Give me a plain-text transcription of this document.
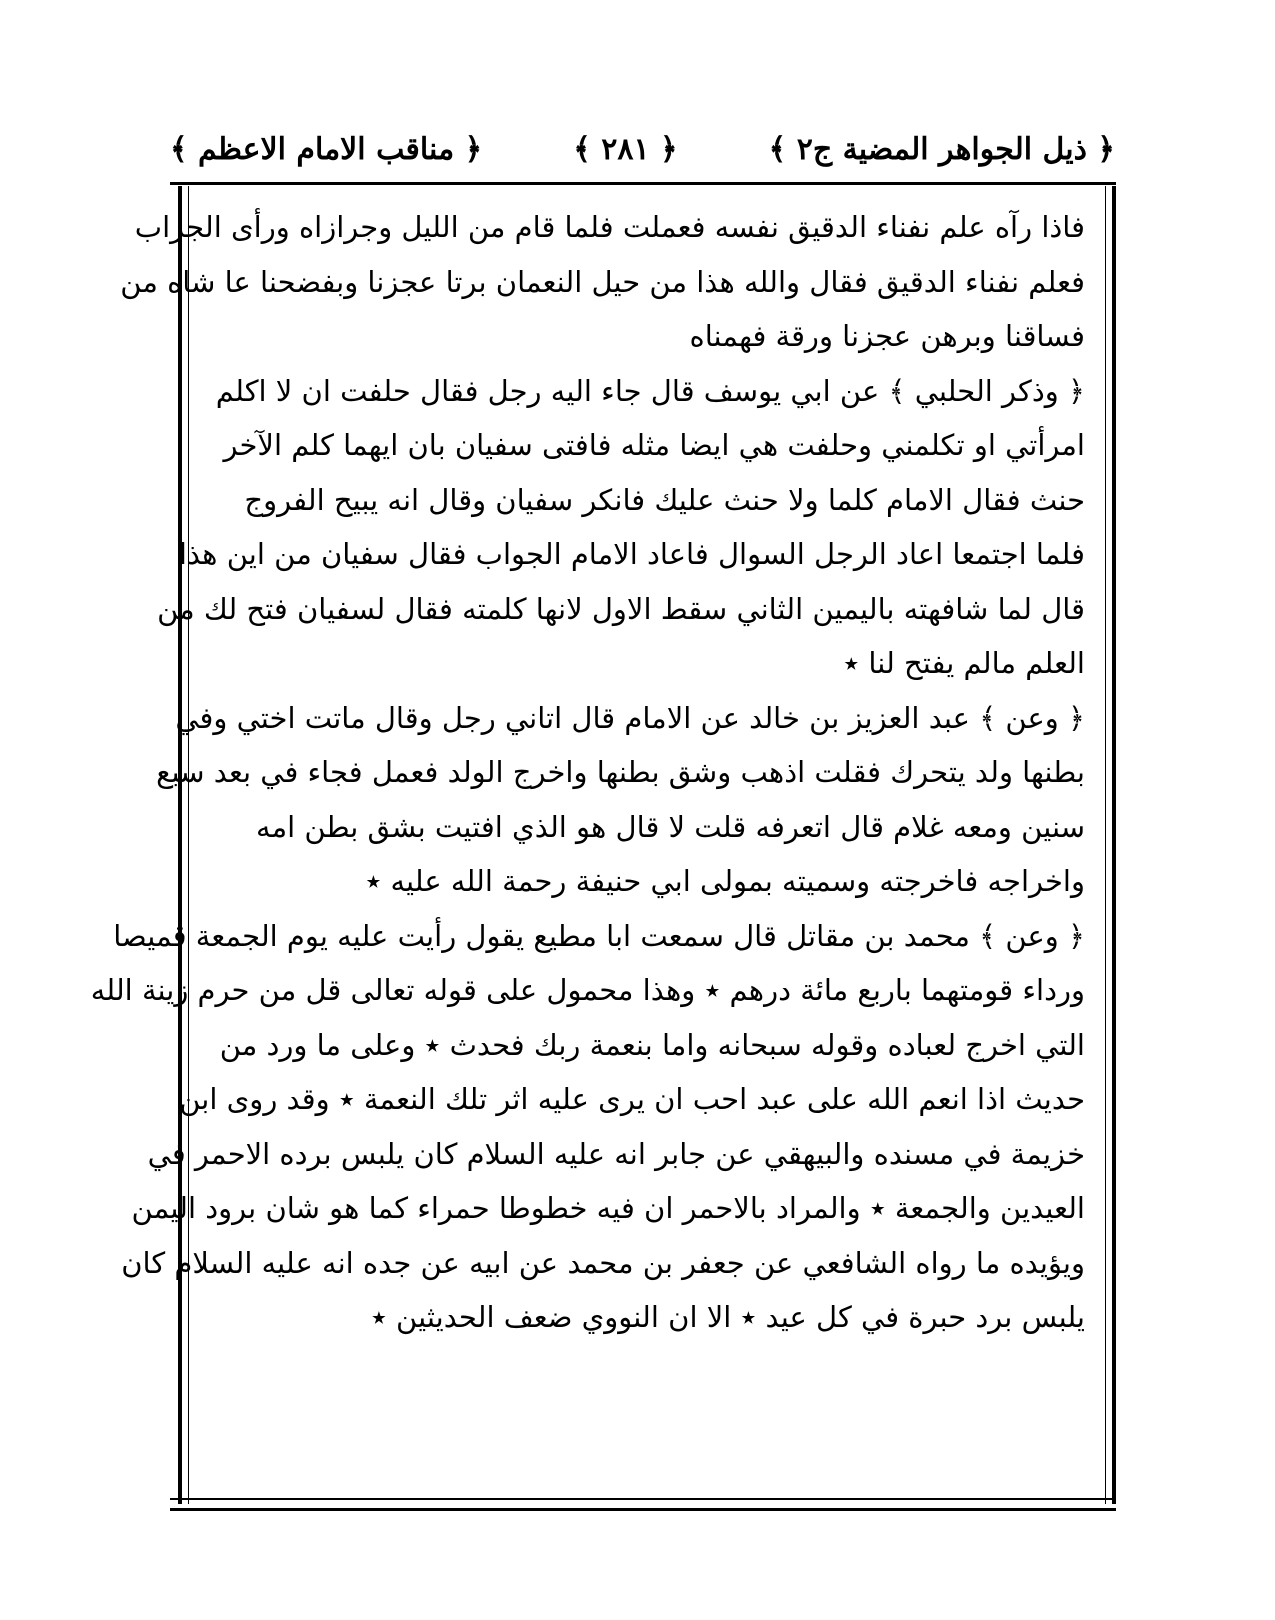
﴿ مناقب الامام الاعظم ﴾	﴿ ٢٨١ ﴾	﴿ ذيل الجواهر المضية ج٢ ﴾
فاذا رآه علم نفناء الدقيق نفسه فعملت فلما قام من الليل وجرازاه ورأى الجراب
فعلم نفناء الدقيق فقال والله هذا من حيل النعمان برتا عجزنا وبفضحنا عا شاه من
فساقنا وبرهن عجزنا ورقة فهمناه
﴿ وذكر الحلبي ﴾ عن ابي يوسف قال جاء اليه رجل فقال حلفت ان لا اكلم
امرأتي او تكلمني وحلفت هي ايضا مثله فافتى سفيان بان ايهما كلم الآخر
حنث فقال الامام كلما ولا حنث عليك فانكر سفيان وقال انه يبيح الفروج
فلما اجتمعا اعاد الرجل السوال فاعاد الامام الجواب فقال سفيان من اين هذا
قال لما شافهته باليمين الثاني سقط الاول لانها كلمته فقال لسفيان فتح لك من
العلم مالم يفتح لنا ٭
﴿ وعن ﴾ عبد العزيز بن خالد عن الامام قال اتاني رجل وقال ماتت اختي وفي
بطنها ولد يتحرك فقلت اذهب وشق بطنها واخرج الولد فعمل فجاء في بعد سبع
سنين ومعه غلام قال اتعرفه قلت لا قال هو الذي افتيت بشق بطن امه
واخراجه فاخرجته وسميته بمولى ابي حنيفة رحمة الله عليه ٭
﴿ وعن ﴾ محمد بن مقاتل قال سمعت ابا مطيع يقول رأيت عليه يوم الجمعة قميصا
ورداء قومتهما باربع مائة درهم ٭ وهذا محمول على قوله تعالى قل من حرم زينة الله
التي اخرج لعباده وقوله سبحانه واما بنعمة ربك فحدث ٭ وعلى ما ورد من
حديث اذا انعم الله على عبد احب ان يرى عليه اثر تلك النعمة ٭ وقد روى ابن
خزيمة في مسنده والبيهقي عن جابر انه عليه السلام كان يلبس برده الاحمر في
العيدين والجمعة ٭ والمراد بالاحمر ان فيه خطوطا حمراء كما هو شان برود اليمن
ويؤيده ما رواه الشافعي عن جعفر بن محمد عن ابيه عن جده انه عليه السلام كان
يلبس برد حبرة في كل عيد ٭ الا ان النووي ضعف الحديثين ٭
